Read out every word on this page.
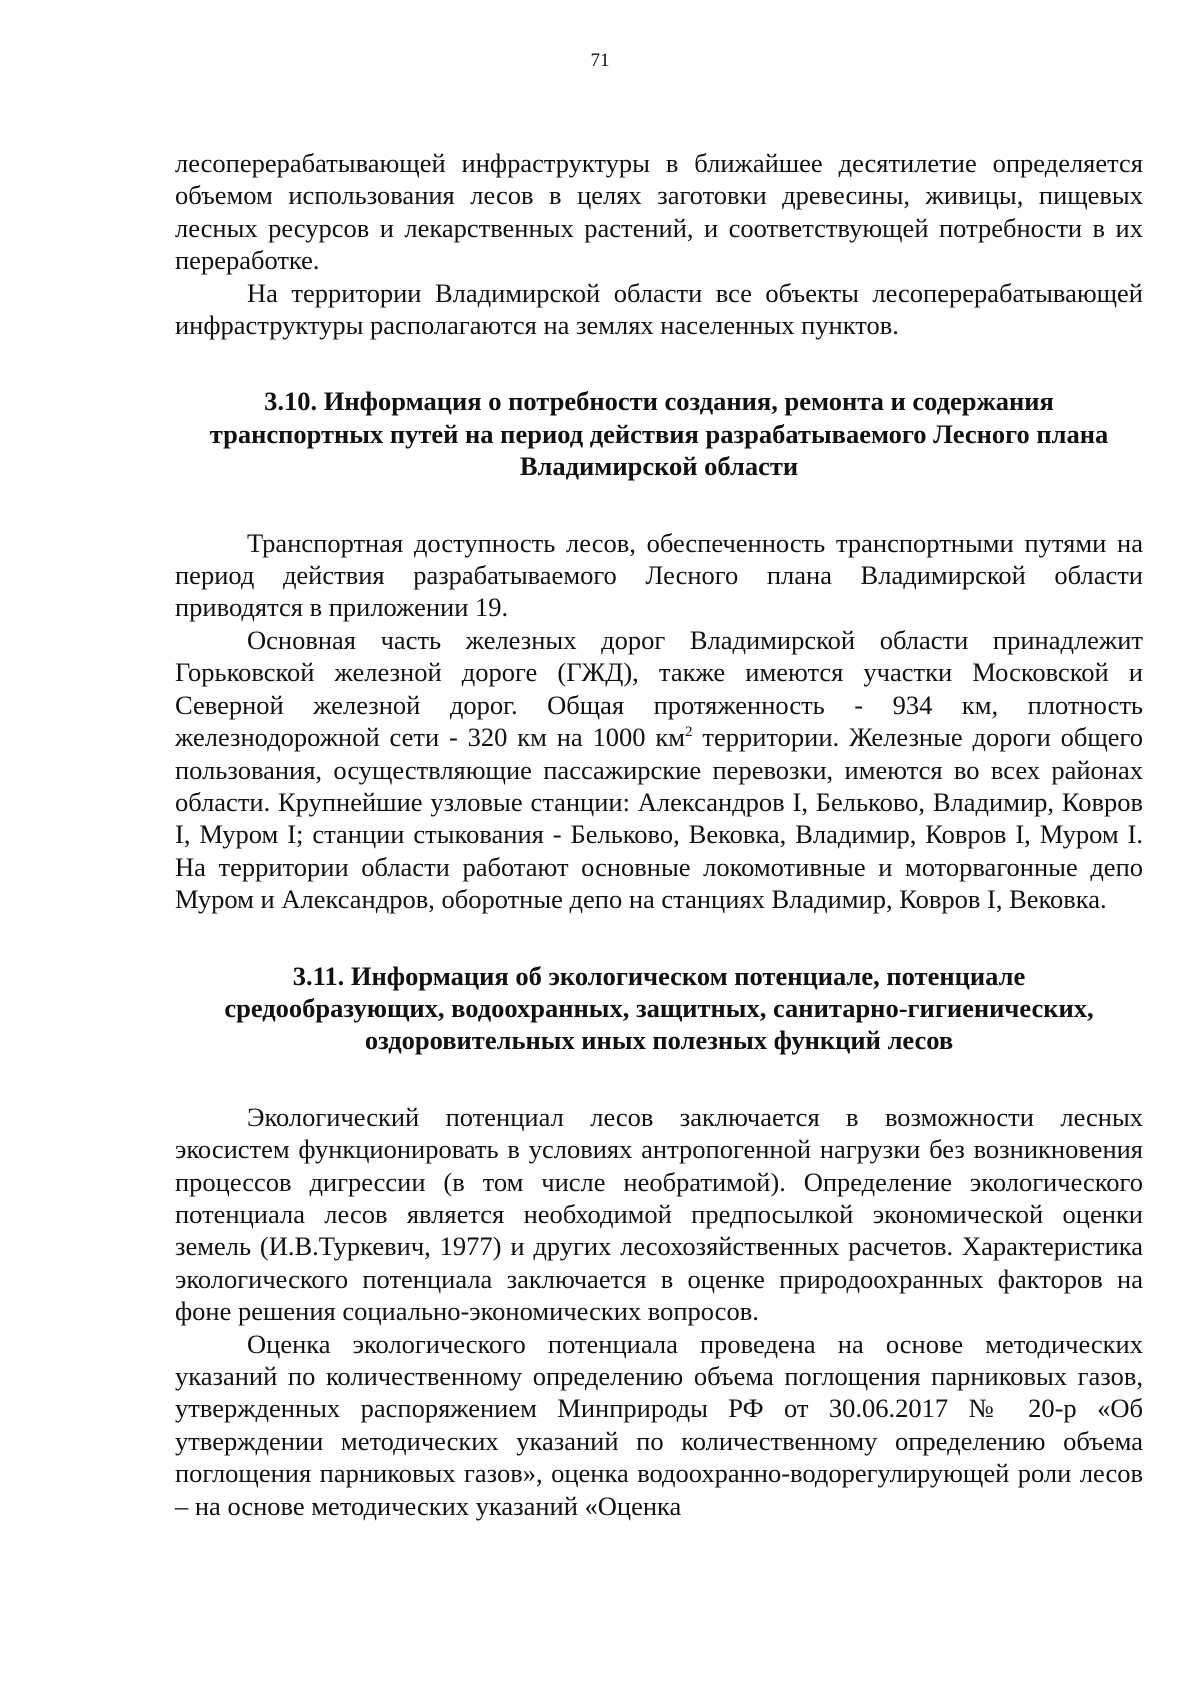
71

лесоперерабатывающей инфраструктуры в ближайшее десятилетие определяется объемом использования лесов в целях заготовки древесины, живицы, пищевых лесных ресурсов и лекарственных растений, и соответствующей потребности в их переработке.

На территории Владимирской области все объекты лесоперерабатывающей инфраструктуры располагаются на землях населенных пунктов.

3.10. Информация о потребности создания, ремонта и содержания

транспортных путей на период действия разрабатываемого Лесного плана

Владимирской области

Транспортная доступность лесов, обеспеченность транспортными путями на период действия разрабатываемого Лесного плана Владимирской области приводятся в приложении 19.

Основная часть железных дорог Владимирской области принадлежит Горьковской железной дороге (ГЖД), также имеются участки Московской и Северной железной дорог. Общая протяженность - 934 км, плотность железнодорожной сети - 320 км на 1000 $км^2$ территории. Железные дороги общего пользования, осуществляющие пассажирские перевозки, имеются во всех районах области. Крупнейшие узловые станции: Александров I, Бельково, Владимир, Ковров I, Муром I; станции стыкования - Бельково, Вековка, Владимир, Ковров I, Муром I. На территории области работают основные локомотивные и моторвагонные депо Муром и Александров, оборотные депо на станциях Владимир, Ковров I, Вековка.

3.11. Информация об экологическом потенциале, потенциале

средообразующих, водоохранных, защитных, санитарно-гигиенических,

оздоровительных иных полезных функций лесов

Экологический потенциал лесов заключается в возможности лесных экосистем функционировать в условиях антропогенной нагрузки без возникновения процессов дигрессии (в том числе необратимой). Определение экологического потенциала лесов является необходимой предпосылкой экономической оценки земель (И.В.Туркевич, 1977) и других лесохозяйственных расчетов. Характеристика экологического потенциала заключается в оценке природоохранных факторов на фоне решения социально-экономических вопросов.

Оценка экологического потенциала проведена на основе методических указаний по количественному определению объема поглощения парниковых газов, утвержденных распоряжением Минприроды РФ от 30.06.2017 № 20-р «Об утверждении методических указаний по количественному определению объема поглощения парниковых газов», оценка водоохранно-водорегулирующей роли лесов – на основе методических указаний «Оценка
